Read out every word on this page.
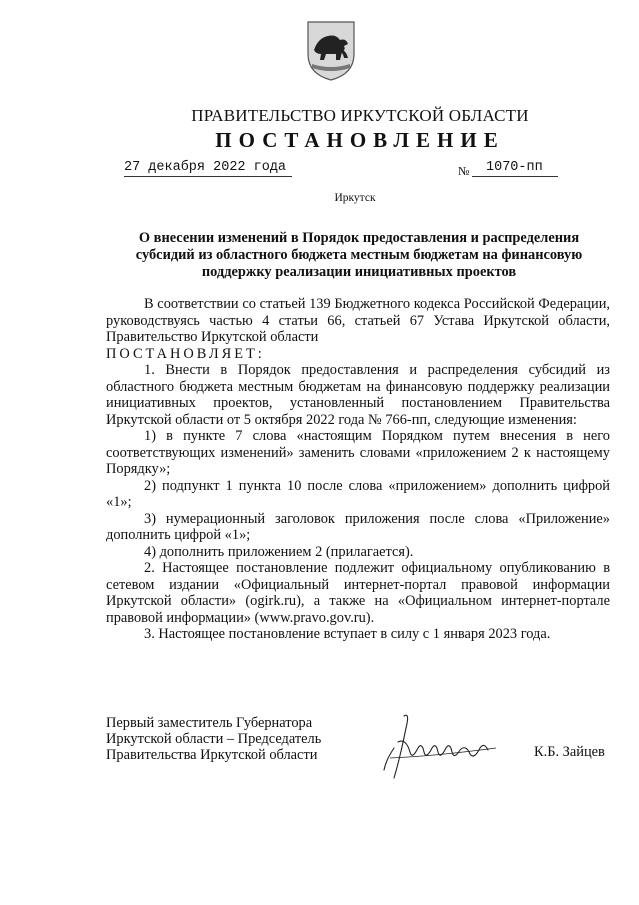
ПРАВИТЕЛЬСТВО ИРКУТСКОЙ ОБЛАСТИ
ПОСТАНОВЛЕНИЕ
27 декабря 2022 года	№	1070-пп
Иркутск
О внесении изменений в Порядок предоставления и распределения субсидий из областного бюджета местным бюджетам на финансовую поддержку реализации инициативных проектов

В соответствии со статьей 139 Бюджетного кодекса Российской Федерации, руководствуясь частью 4 статьи 66, статьей 67 Устава Иркутской области, Правительство Иркутской области

ПОСТАНОВЛЯЕТ:

1. Внести в Порядок предоставления и распределения субсидий из областного бюджета местным бюджетам на финансовую поддержку реализации инициативных проектов, установленный постановлением Правительства Иркутской области от 5 октября 2022 года № 766-пп, следующие изменения:

1) в пункте 7 слова «настоящим Порядком путем внесения в него соответствующих изменений» заменить словами «приложением 2 к настоящему Порядку»;

2) подпункт 1 пункта 10 после слова «приложением» дополнить цифрой «1»;

3) нумерационный заголовок приложения после слова «Приложение» дополнить цифрой «1»;

4) дополнить приложением 2 (прилагается).

2. Настоящее постановление подлежит официальному опубликованию в сетевом издании «Официальный интернет-портал правовой информации Иркутской области» (ogirk.ru), а также на «Официальном интернет-портале правовой информации» (www.pravo.gov.ru).

3. Настоящее постановление вступает в силу с 1 января 2023 года.

Первый заместитель Губернатора
Иркутской области – Председатель
Правительства Иркутской области	К.Б. Зайцев
